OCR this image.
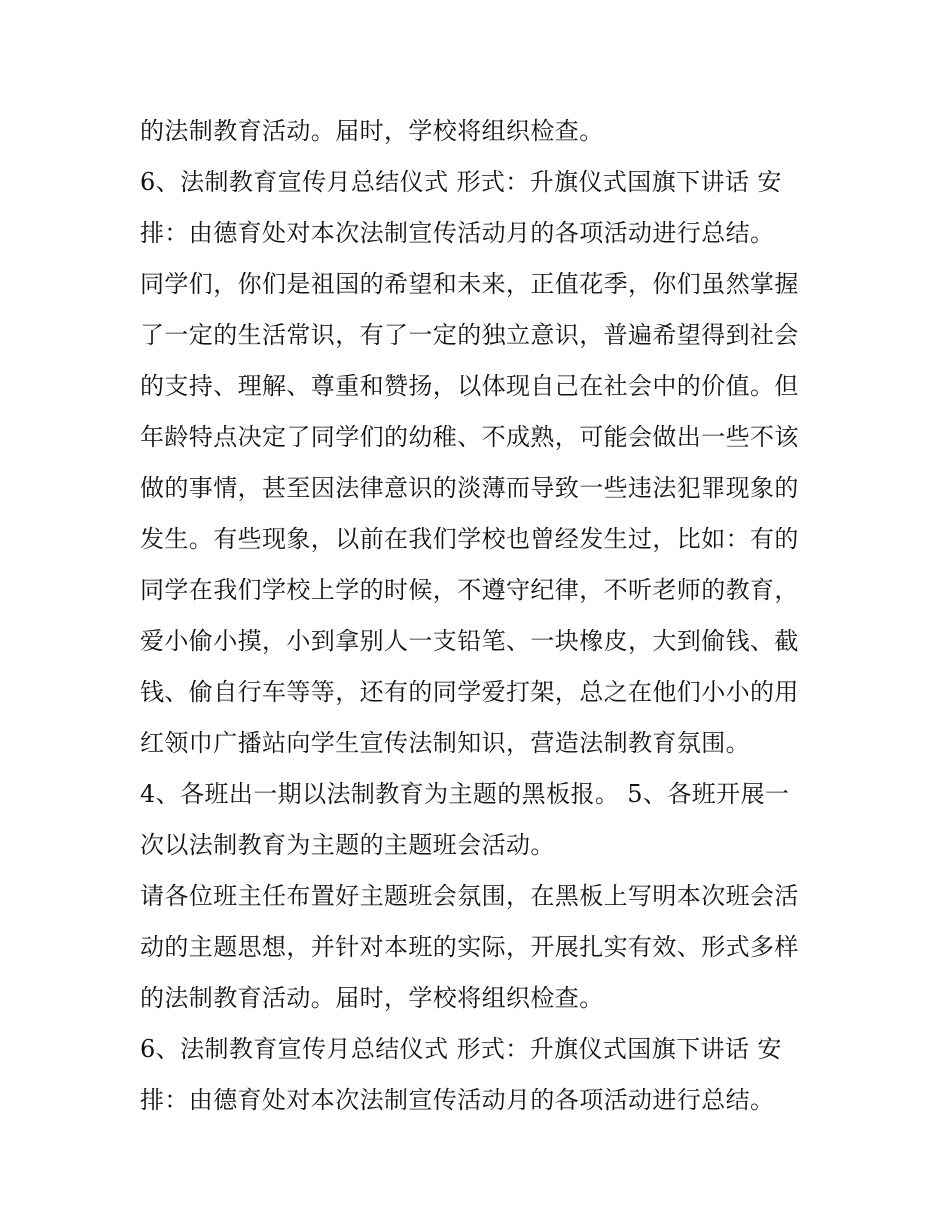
的法制教育活动。届时，学校将组织检查。
6、法制教育宣传月总结仪式 形式：升旗仪式国旗下讲话 安
排：由德育处对本次法制宣传活动月的各项活动进行总结。
同学们，你们是祖国的希望和未来，正值花季，你们虽然掌握
了一定的生活常识，有了一定的独立意识，普遍希望得到社会
的支持、理解、尊重和赞扬，以体现自己在社会中的价值。但
年龄特点决定了同学们的幼稚、不成熟，可能会做出一些不该
做的事情，甚至因法律意识的淡薄而导致一些违法犯罪现象的
发生。有些现象，以前在我们学校也曾经发生过，比如：有的
同学在我们学校上学的时候，不遵守纪律，不听老师的教育，
爱小偷小摸，小到拿别人一支铅笔、一块橡皮，大到偷钱、截
钱、偷自行车等等，还有的同学爱打架，总之在他们小小的用
红领巾广播站向学生宣传法制知识，营造法制教育氛围。
4、各班出一期以法制教育为主题的黑板报。 5、各班开展一
次以法制教育为主题的主题班会活动。
请各位班主任布置好主题班会氛围，在黑板上写明本次班会活
动的主题思想，并针对本班的实际，开展扎实有效、形式多样
的法制教育活动。届时，学校将组织检查。
6、法制教育宣传月总结仪式 形式：升旗仪式国旗下讲话 安
排：由德育处对本次法制宣传活动月的各项活动进行总结。
